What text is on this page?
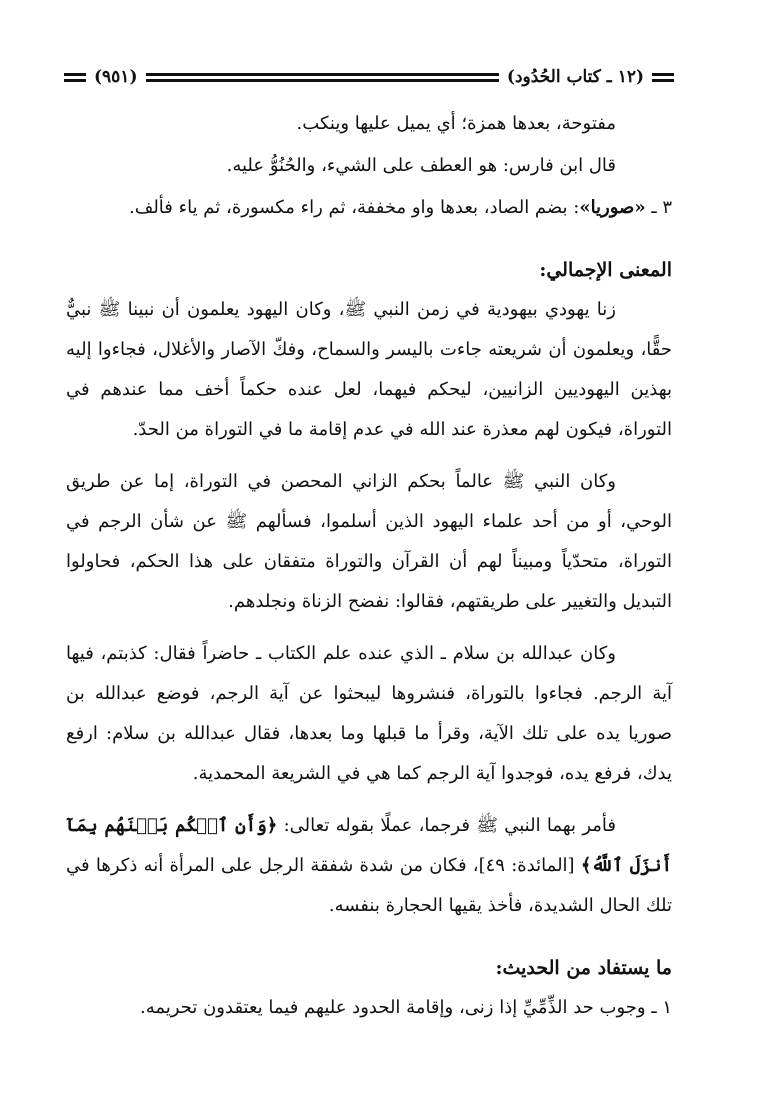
(١٢ ـ كتاب الحُدُود)
(٩٥١)

مفتوحة، بعدها همزة؛ أي يميل عليها وينكب.

قال ابن فارس: هو العطف على الشيء، والحُنُوُّ عليه.

٣ ـ «صوريا»: بضم الصاد، بعدها واو مخففة، ثم راء مكسورة، ثم ياء فألف.

المعنى الإجمالي:

زنا يهودي بيهودية في زمن النبي ﷺ، وكان اليهود يعلمون أن نبينا ﷺ نبيٌّ حقًّا، ويعلمون أن شريعته جاءت باليسر والسماح، وفكّ الآصار والأغلال، فجاءوا إليه بهذين اليهوديين الزانيين، ليحكم فيهما، لعل عنده حكماً أخف مما عندهم في التوراة، فيكون لهم معذرة عند الله في عدم إقامة ما في التوراة من الحدّ.

وكان النبي ﷺ عالماً بحكم الزاني المحصن في التوراة، إما عن طريق الوحي، أو من أحد علماء اليهود الذين أسلموا، فسألهم ﷺ عن شأن الرجم في التوراة، متحدّياً ومبيناً لهم أن القرآن والتوراة متفقان على هذا الحكم، فحاولوا التبديل والتغيير على طريقتهم، فقالوا: نفضح الزناة ونجلدهم.

وكان عبدالله بن سلام ـ الذي عنده علم الكتاب ـ حاضراً فقال: كذبتم، فيها آية الرجم. فجاءوا بالتوراة، فنشروها ليبحثوا عن آية الرجم، فوضع عبدالله بن صوريا يده على تلك الآية، وقرأ ما قبلها وما بعدها، فقال عبدالله بن سلام: ارفع يدك، فرفع يده، فوجدوا آية الرجم كما هي في الشريعة المحمدية.

فأمر بهما النبي ﷺ فرجما، عملًا بقوله تعالى: ﴿وَأَنِ ٱحۡكُم بَيۡنَهُم بِمَآ أَنزَلَ ٱللَّهُ﴾ [المائدة: ٤٩]، فكان من شدة شفقة الرجل على المرأة أنه ذكرها في تلك الحال الشديدة، فأخذ يقيها الحجارة بنفسه.

ما يستفاد من الحديث:

١ ـ وجوب حد الذِّمِّيِّ إذا زنى، وإقامة الحدود عليهم فيما يعتقدون تحريمه.
